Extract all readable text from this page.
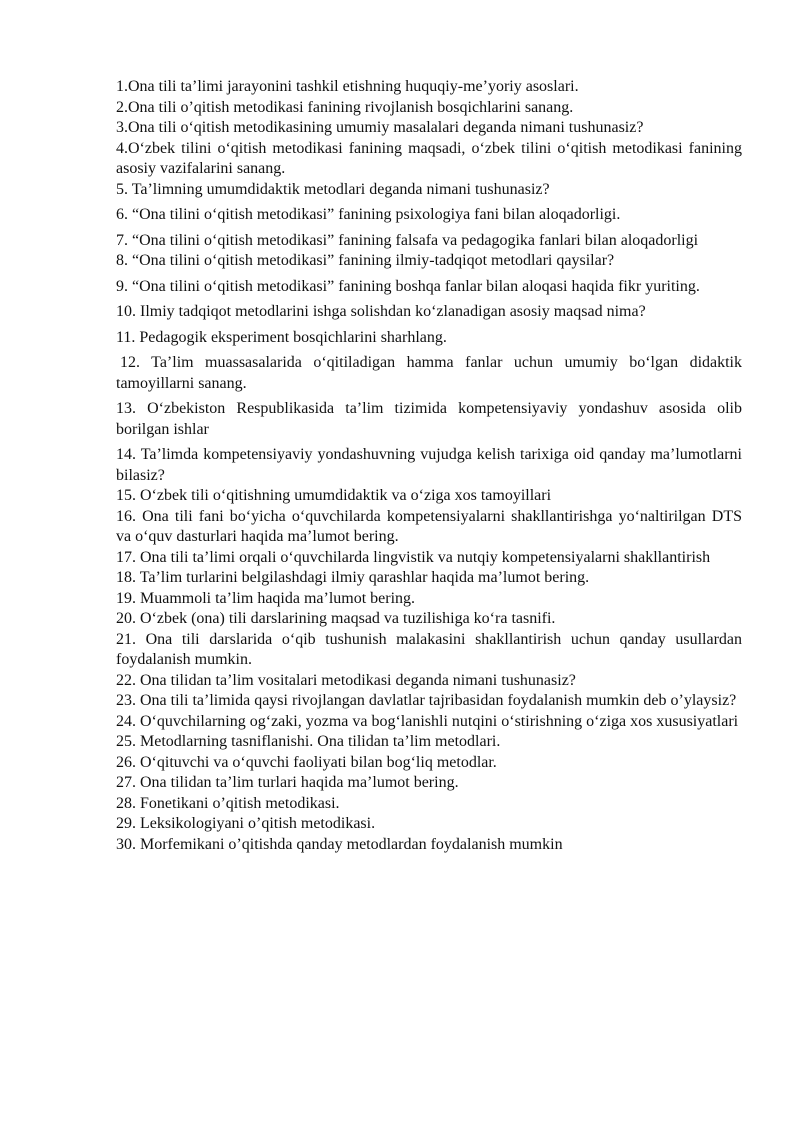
1.Ona tili ta’limi jarayonini tashkil etishning huquqiy-me’yoriy asoslari.

2.Ona tili o’qitish metodikasi fanining rivojlanish bosqichlarini sanang.

3.Ona tili o‘qitish metodikasining umumiy masalalari deganda nimani tushunasiz?

4.O‘zbek tilini o‘qitish metodikasi fanining maqsadi, o‘zbek tilini o‘qitish metodikasi fanining asosiy vazifalarini sanang.

5. Ta’limning umumdidaktik metodlari deganda nimani tushunasiz?

6. “Ona tilini o‘qitish metodikasi” fanining psixologiya fani bilan aloqadorligi.

7. “Ona tilini o‘qitish metodikasi” fanining falsafa va pedagogika fanlari bilan aloqadorligi

8. “Ona tilini o‘qitish metodikasi” fanining ilmiy-tadqiqot metodlari qaysilar?

9. “Ona tilini o‘qitish metodikasi” fanining boshqa fanlar bilan aloqasi haqida fikr yuriting.

10. Ilmiy tadqiqot metodlarini ishga solishdan ko‘zlanadigan asosiy maqsad nima?

11. Pedagogik eksperiment bosqichlarini sharhlang.

12. Ta’lim muassasalarida o‘qitiladigan hamma fanlar uchun umumiy bo‘lgan didaktik tamoyillarni sanang.

13. O‘zbekiston Respublikasida ta’lim tizimida kompetensiyaviy yondashuv asosida olib borilgan ishlar

14. Ta’limda kompetensiyaviy yondashuvning vujudga kelish tarixiga oid qanday ma’lumotlarni bilasiz?

15. O‘zbek tili o‘qitishning umumdidaktik va o‘ziga xos tamoyillari

16. Ona tili fani bo‘yicha o‘quvchilarda kompetensiyalarni shakllantirishga yo‘naltirilgan DTS va o‘quv dasturlari haqida ma’lumot bering.

17. Ona tili ta’limi orqali o‘quvchilarda lingvistik va nutqiy kompetensiyalarni shakllantirish

18. Ta’lim turlarini belgilashdagi ilmiy qarashlar haqida ma’lumot bering.

19. Muammoli ta’lim haqida ma’lumot bering.

20. O‘zbek (ona) tili darslarining maqsad va tuzilishiga ko‘ra tasnifi.

21. Ona tili darslarida o‘qib tushunish malakasini shakllantirish uchun qanday usullardan foydalanish mumkin.

22. Ona tilidan ta’lim vositalari metodikasi deganda nimani tushunasiz?

23. Ona tili ta’limida qaysi rivojlangan davlatlar tajribasidan foydalanish mumkin deb o’ylaysiz?

24. O‘quvchilarning og‘zaki, yozma va bog‘lanishli nutqini o‘stirishning o‘ziga xos xususiyatlari

25. Metodlarning tasniflanishi. Ona tilidan ta’lim metodlari.

26. O‘qituvchi va o‘quvchi faoliyati bilan bog‘liq metodlar.

27. Ona tilidan ta’lim turlari haqida ma’lumot bering.

28. Fonetikani o’qitish metodikasi.

29. Leksikologiyani o’qitish metodikasi.

30. Morfemikani o’qitishda qanday metodlardan foydalanish mumkin
